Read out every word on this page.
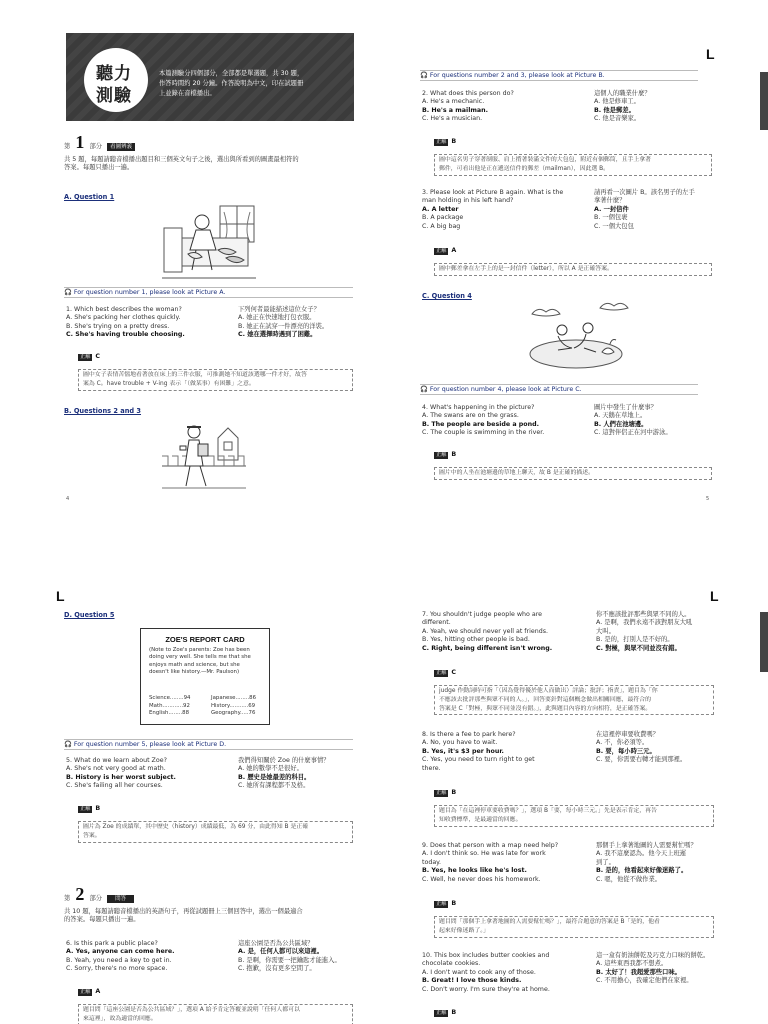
聽力
測驗
本篇測驗分四個部分，全部都是單選題，共 30 題，
作答時間約 20 分鐘。作答說明為中文，印在試題冊
上並錄在音檔播出。
第 1 部分 看圖辨義
共 5 題，每題請聽音檔播出題目和三個英文句子之後，選出與所看到的圖畫最相符的
答案。每題只播出一遍。
A. Question 1
🎧 For question number 1, please look at Picture A.
1. Which best describes the woman?
A. She's packing her clothes quickly.
B. She's trying on a pretty dress.
C. She's having trouble choosing.
下列何者最能描述這位女子？
A. 她正在快速地打包衣服。
B. 她正在試穿一件漂亮的洋裝。
C. 她在選擇時遇到了困難。
正解 C
圖中女子表情苦惱地看著放在床上的三件衣服，可推測她不知道該選哪一件才好，故答
案為 C。have trouble + V-ing 表示「（做某事）有困難」之意。
B. Questions 2 and 3
4
L
🎧 For questions number 2 and 3, please look at Picture B.
2. What does this person do?
A. He's a mechanic.
B. He's a mailman.
C. He's a musician.
這個人的職業什麼？
A. 他是修車工。
B. 他是郵差。
C. 他是音樂家。
正解 B
圖中這名男子穿著制服、肩上揹著裝滿文件的大包包，附近有個郵筒，且手上拿著
郵件，可看出他是正在遞送信件的郵差（mailman），因此選 B。
3. Please look at Picture B again. What is the
man holding in his left hand?
A. A letter
B. A package
C. A big bag
請再看一次圖片 B。該名男子的左手
拿著什麼？
A. 一封信件
B. 一個包裹
C. 一個大包包
正解 A
圖中郵差拿在左手上的是一封信件（letter），所以 A 是正確答案。
C. Question 4
🎧 For question number 4, please look at Picture C.
4. What's happening in the picture?
A. The swans are on the grass.
B. The people are beside a pond.
C. The couple is swimming in the river.
圖片中發生了什麼事？
A. 天鵝在草地上。
B. 人們在池塘邊。
C. 這對伴侶正在河中游泳。
正解 B
圖片中的人坐在池塘邊的草地上聊天，故 B 是正確的描述。
5
L
D. Question 5
ZOE'S REPORT CARD
(Note to Zoe's parents: Zoe has been
doing very well. She tells me that she
enjoys math and science, but she
doesn't like history.—Mr. Paulson)
Science........94
Math............92
English........88
Japanese........86
History...........69
Geography.....76
🎧 For question number 5, please look at Picture D.
5. What do we learn about Zoe?
A. She's not very good at math.
B. History is her worst subject.
C. She's failing all her courses.
我們得知關於 Zoe 的什麼事情？
A. 她的數學不是很好。
B. 歷史是她最差的科目。
C. 她所有課程都不及格。
正解 B
圖片為 Zoe 的成績單，其中歷史（history）成績最低，為 69 分，由此得知 B 是正確
答案。
第 2 部分 問答
共 10 題，每題請聽音檔播出的英語句子，再從試題冊上三個回答中，選出一個最適合
的答案。每題只播出一遍。
6. Is this park a public place?
A. Yes, anyone can come here.
B. Yeah, you need a key to get in.
C. Sorry, there's no more space.
這座公園是否為公共區域？
A. 是，任何人都可以來這裡。
B. 是啊，你需要一把鑰匙才能進入。
C. 抱歉，沒有更多空間了。
正解 A
題目問「這座公園是否為公共區域？」，選項 A 給予肯定答覆並說明「任何人都可以
來這裡」，故為適當的回應。
L
7. You shouldn't judge people who are
different.
A. Yeah, we should never yell at friends.
B. Yes, hitting other people is bad.
C. Right, being different isn't wrong.
你不應該批評那些與眾不同的人。
A. 是啊，我們永遠不該對朋友大吼
大叫。
B. 是的，打別人是不好的。
C. 對極，與眾不同並沒有錯。
正解 C
judge 作動詞時可指「（因為覺得優於他人而做出）評論；批評；指責」，題目為「你
不應該去批評那些與眾不同的人。」，回答要針對這個概念做出相關回應，最符合的
答案是 C「對極，與眾不同並沒有錯。」，此與題目內容的方向相符，是正確答案。
8. Is there a fee to park here?
A. No, you have to wait.
B. Yes, it's $3 per hour.
C. Yes, you need to turn right to get
there.
在這裡停車要收費嗎？
A. 不，你必須等。
B. 要，每小時三元。
C. 要，你需要右轉才能到那裡。
正解 B
題目為「在這裡停車要收費嗎？」，選項 B「要，每小時三元。」先是表示肯定，再告
知收費標準，是最適當的回應。
9. Does that person with a map need help?
A. I don't think so. He was late for work
today.
B. Yes, he looks like he's lost.
C. Well, he never does his homework.
那個手上拿著地圖的人需要幫忙嗎？
A. 我不這麼認為。他今天上班遲
到了。
B. 是的，他看起來好像迷路了。
C. 嗯，他從不做作業。
正解 B
題目問「那個手上拿著地圖的人需要幫忙嗎？」，最符合題意的答案是 B「是的，他看
起來好像迷路了。」
10. This box includes butter cookies and
chocolate cookies.
A. I don't want to cook any of those.
B. Great! I love those kinds.
C. Don't worry. I'm sure they're at home.
這一盒有奶油餅乾及巧克力口味的餅乾。
A. 這些東西我都不想煮。
B. 太好了！我超愛那些口味。
C. 不用擔心，我確定他們在家裡。
正解 B
